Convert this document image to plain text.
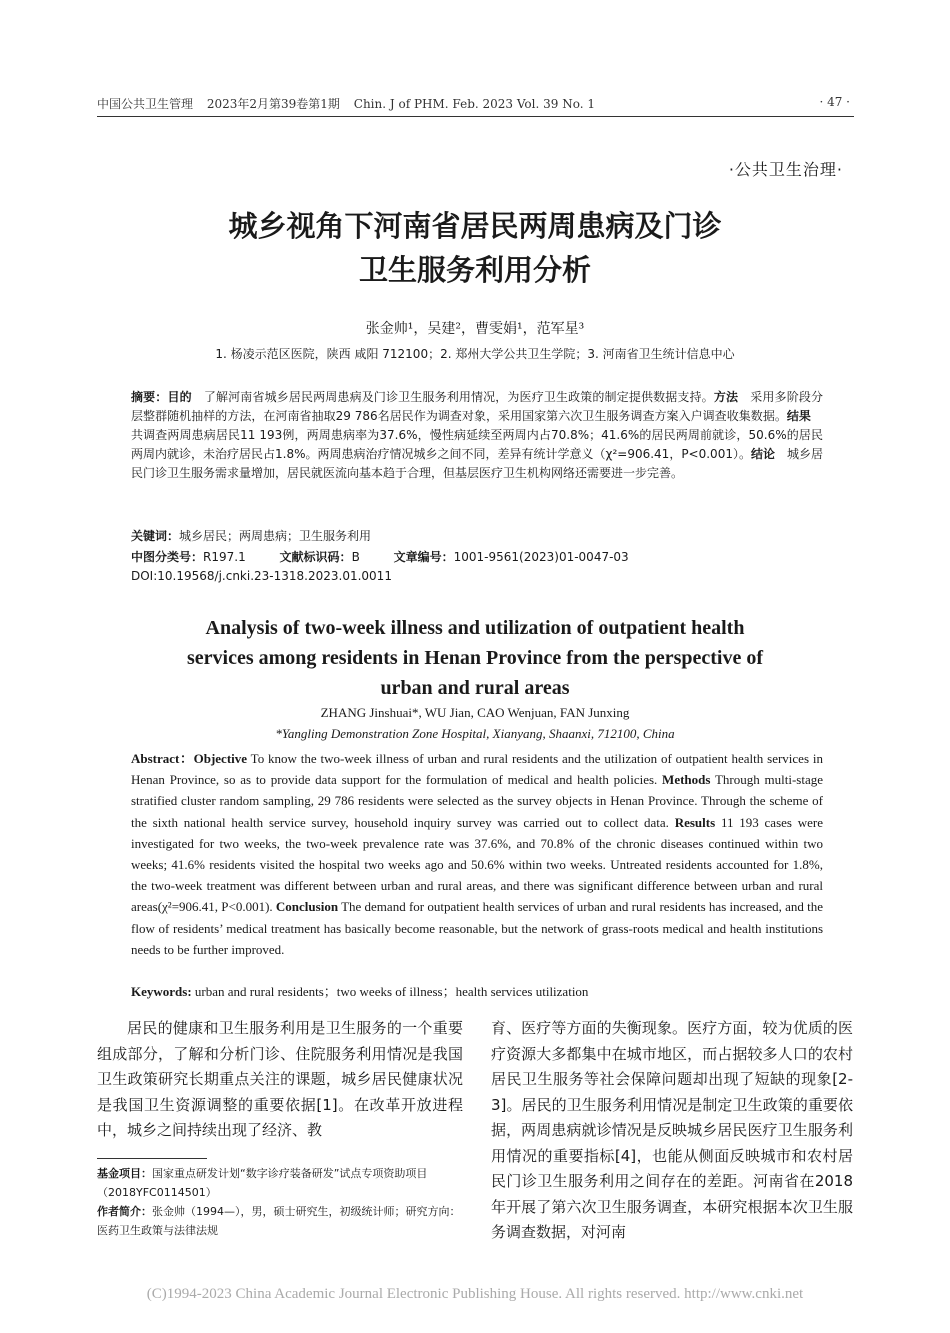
中国公共卫生管理 2023年2月第39卷第1期 Chin. J of PHM. Feb. 2023 Vol. 39 No. 1	· 47 ·
·公共卫生治理·
城乡视角下河南省居民两周患病及门诊
卫生服务利用分析
张金帅¹，吴建²，曹雯娟¹，范军星³
1. 杨凌示范区医院，陕西 咸阳 712100；2. 郑州大学公共卫生学院；3. 河南省卫生统计信息中心
摘要：目的　了解河南省城乡居民两周患病及门诊卫生服务利用情况，为医疗卫生政策的制定提供数据支持。方法　采用多阶段分层整群随机抽样的方法，在河南省抽取29 786名居民作为调查对象，采用国家第六次卫生服务调查方案入户调查收集数据。结果　共调查两周患病居民11 193例，两周患病率为37.6%，慢性病延续至两周内占70.8%；41.6%的居民两周前就诊，50.6%的居民两周内就诊，未治疗居民占1.8%。两周患病治疗情况城乡之间不同，差异有统计学意义（χ²=906.41，P<0.001）。结论　城乡居民门诊卫生服务需求量增加，居民就医流向基本趋于合理，但基层医疗卫生机构网络还需要进一步完善。
关键词：城乡居民；两周患病；卫生服务利用
中图分类号：R197.1	文献标识码：B	文章编号：1001-9561(2023)01-0047-03
DOI:10.19568/j.cnki.23-1318.2023.01.0011
Analysis of two-week illness and utilization of outpatient health
services among residents in Henan Province from the perspective of
urban and rural areas
ZHANG Jinshuai*, WU Jian, CAO Wenjuan, FAN Junxing
*Yangling Demonstration Zone Hospital, Xianyang, Shaanxi, 712100, China
Abstract：Objective To know the two-week illness of urban and rural residents and the utilization of outpatient health services in Henan Province, so as to provide data support for the formulation of medical and health policies. Methods Through multi-stage stratified cluster random sampling, 29 786 residents were selected as the survey objects in Henan Province. Through the scheme of the sixth national health service survey, household inquiry survey was carried out to collect data. Results 11 193 cases were investigated for two weeks, the two-week prevalence rate was 37.6%, and 70.8% of the chronic diseases continued within two weeks; 41.6% residents visited the hospital two weeks ago and 50.6% within two weeks. Untreated residents accounted for 1.8%, the two-week treatment was different between urban and rural areas, and there was significant difference between urban and rural areas(χ²=906.41, P<0.001). Conclusion The demand for outpatient health services of urban and rural residents has increased, and the flow of residents’ medical treatment has basically become reasonable, but the network of grass-roots medical and health institutions needs to be further improved.
Keywords: urban and rural residents；two weeks of illness；health services utilization

居民的健康和卫生服务利用是卫生服务的一个重要组成部分，了解和分析门诊、住院服务利用情况是我国卫生政策研究长期重点关注的课题，城乡居民健康状况是我国卫生资源调整的重要依据[1]。在改革开放进程中，城乡之间持续出现了经济、教

育、医疗等方面的失衡现象。医疗方面，较为优质的医疗资源大多都集中在城市地区，而占据较多人口的农村居民卫生服务等社会保障问题却出现了短缺的现象[2-3]。居民的卫生服务利用情况是制定卫生政策的重要依据，两周患病就诊情况是反映城乡居民医疗卫生服务利用情况的重要指标[4]，也能从侧面反映城市和农村居民门诊卫生服务利用之间存在的差距。河南省在2018年开展了第六次卫生服务调查，本研究根据本次卫生服务调查数据，对河南

基金项目：国家重点研发计划“数字诊疗装备研发”试点专项资助项目（2018YFC0114501）
作者简介：张金帅（1994—），男，硕士研究生，初级统计师；研究方向：医药卫生政策与法律法规
(C)1994-2023 China Academic Journal Electronic Publishing House. All rights reserved. http://www.cnki.net
